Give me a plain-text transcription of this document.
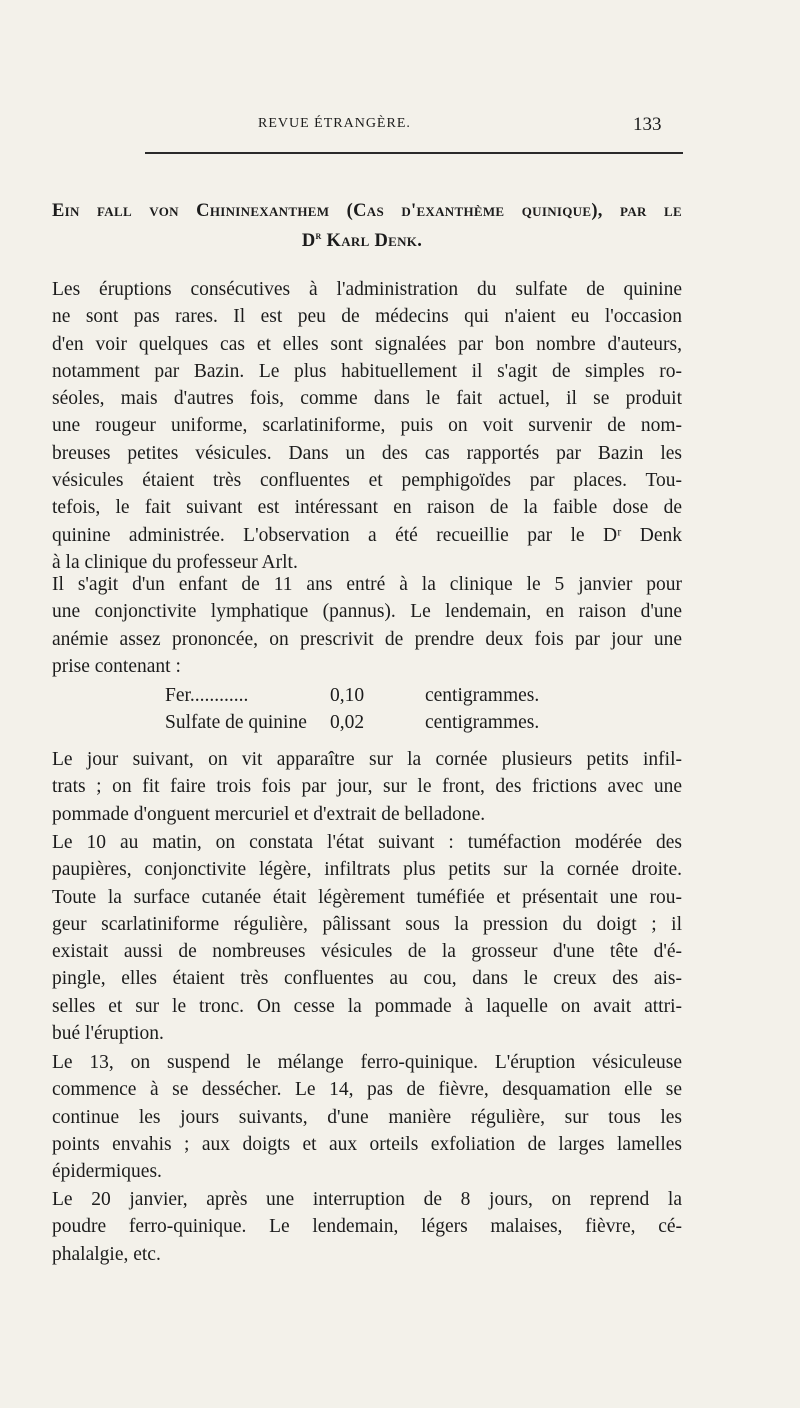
REVUE ÉTRANGÈRE.	133
Ein fall von Chininexanthem (Cas d'exanthème quinique), par le
$D^r$ Karl Denk.
Les éruptions consécutives à l'administration du sulfate de quinine
ne sont pas rares. Il est peu de médecins qui n'aient eu l'occasion
d'en voir quelques cas et elles sont signalées par bon nombre d'auteurs,
notamment par Bazin. Le plus habituellement il s'agit de simples ro-
séoles, mais d'autres fois, comme dans le fait actuel, il se produit
une rougeur uniforme, scarlatiniforme, puis on voit survenir de nom-
breuses petites vésicules. Dans un des cas rapportés par Bazin les
vésicules étaient très confluentes et pemphigoïdes par places. Tou-
tefois, le fait suivant est intéressant en raison de la faible dose de
quinine administrée. L'observation a été recueillie par le Dʳ Denk
à la clinique du professeur Arlt.
Il s'agit d'un enfant de 11 ans entré à la clinique le 5 janvier pour
une conjonctivite lymphatique (pannus). Le lendemain, en raison d'une
anémie assez prononcée, on prescrivit de prendre deux fois par jour une
prise contenant :
Fer............	0,10	centigrammes.
Sulfate de quinine 0,02	centigrammes.
Le jour suivant, on vit apparaître sur la cornée plusieurs petits infil-
trats ; on fit faire trois fois par jour, sur le front, des frictions avec une
pommade d'onguent mercuriel et d'extrait de belladone.
Le 10 au matin, on constata l'état suivant : tuméfaction modérée des
paupières, conjonctivite légère, infiltrats plus petits sur la cornée droite.
Toute la surface cutanée était légèrement tuméfiée et présentait une rou-
geur scarlatiniforme régulière, pâlissant sous la pression du doigt ; il
existait aussi de nombreuses vésicules de la grosseur d'une tête d'é-
pingle, elles étaient très confluentes au cou, dans le creux des ais-
selles et sur le tronc. On cesse la pommade à laquelle on avait attri-
bué l'éruption.
Le 13, on suspend le mélange ferro-quinique. L'éruption vésiculeuse
commence à se dessécher. Le 14, pas de fièvre, desquamation elle se
continue les jours suivants, d'une manière régulière, sur tous les
points envahis ; aux doigts et aux orteils exfoliation de larges lamelles
épidermiques.
Le 20 janvier, après une interruption de 8 jours, on reprend la
poudre ferro-quinique. Le lendemain, légers malaises, fièvre, cé-
phalalgie, etc.
